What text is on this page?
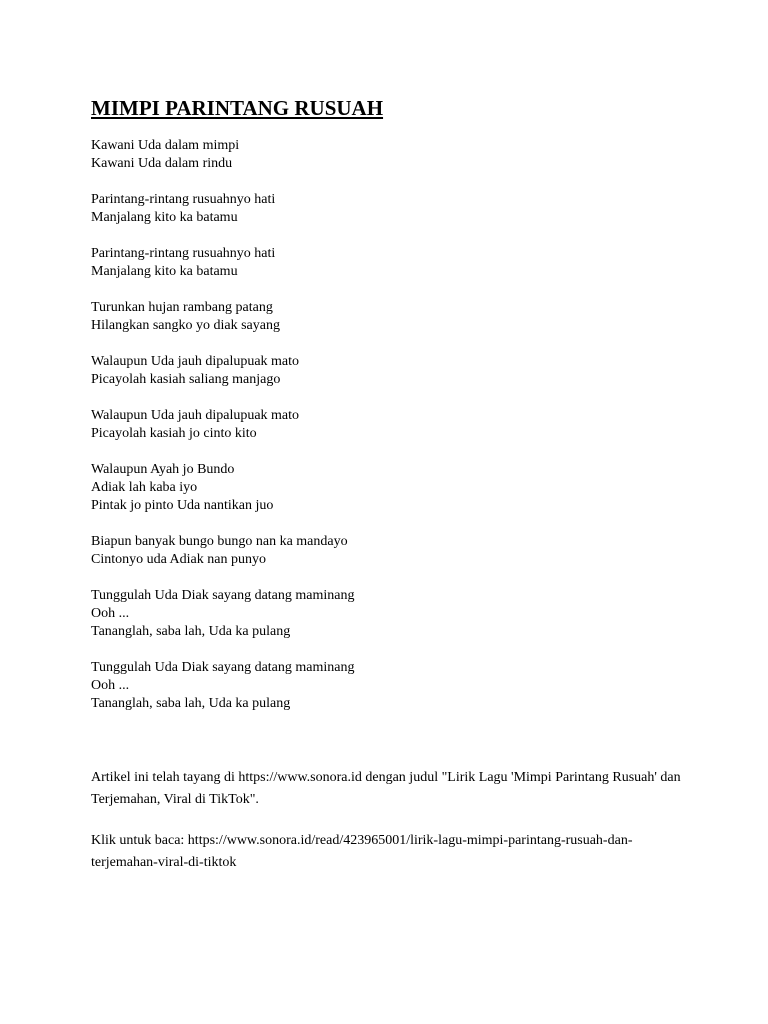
MIMPI PARINTANG RUSUAH
Kawani Uda dalam mimpi
Kawani Uda dalam rindu
Parintang-rintang rusuahnyo hati
Manjalang kito ka batamu
Parintang-rintang rusuahnyo hati
Manjalang kito ka batamu
Turunkan hujan rambang patang
Hilangkan sangko yo diak sayang
Walaupun Uda jauh dipalupuak mato
Picayolah kasiah saliang manjago
Walaupun Uda jauh dipalupuak mato
Picayolah kasiah jo cinto kito
Walaupun Ayah jo Bundo
Adiak lah kaba iyo
Pintak jo pinto Uda nantikan juo
Biapun banyak bungo bungo nan ka mandayo
Cintonyo uda Adiak nan punyo
Tunggulah Uda Diak sayang datang maminang
Ooh ...
Tananglah, saba lah, Uda ka pulang
Tunggulah Uda Diak sayang datang maminang
Ooh ...
Tananglah, saba lah, Uda ka pulang

Artikel ini telah tayang di https://www.sonora.id dengan judul "Lirik Lagu 'Mimpi Parintang Rusuah' dan Terjemahan, Viral di TikTok".

Klik untuk baca: https://www.sonora.id/read/423965001/lirik-lagu-mimpi-parintang-rusuah-dan-terjemahan-viral-di-tiktok
